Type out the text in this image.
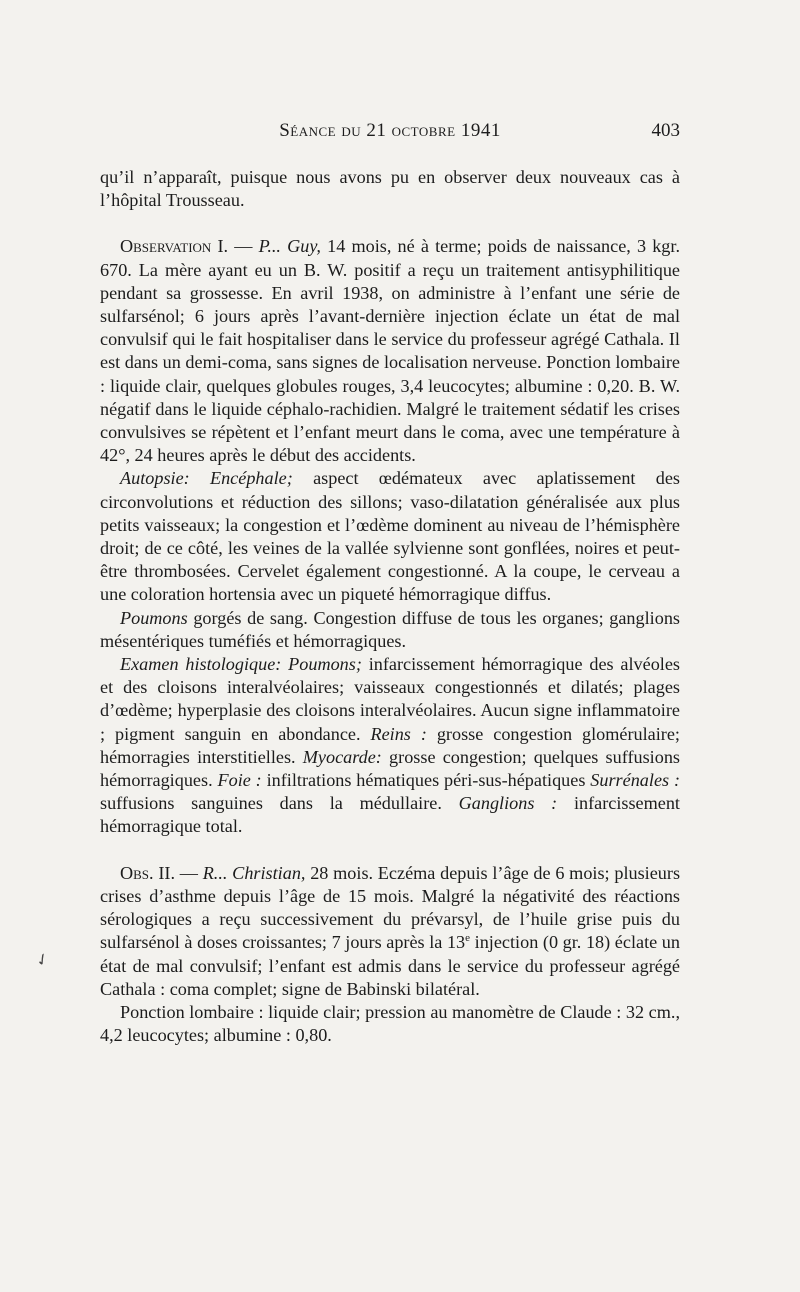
Séance du 21 octobre 1941	403

qu’il n’apparaît, puisque nous avons pu en observer deux nouveaux cas à l’hôpital Trousseau.

Observation I. — P... Guy, 14 mois, né à terme; poids de naissance, 3 kgr. 670. La mère ayant eu un B. W. positif a reçu un traitement antisyphilitique pendant sa grossesse. En avril 1938, on administre à l’enfant une série de sulfarsénol; 6 jours après l’avant-dernière injection éclate un état de mal convulsif qui le fait hospitaliser dans le service du professeur agrégé Cathala. Il est dans un demi-coma, sans signes de localisation nerveuse. Ponction lombaire : liquide clair, quelques globules rouges, 3,4 leucocytes; albumine : 0,20. B. W. négatif dans le liquide céphalo-rachidien. Malgré le traitement sédatif les crises convulsives se répètent et l’enfant meurt dans le coma, avec une température à 42°, 24 heures après le début des accidents.

Autopsie: Encéphale; aspect œdémateux avec aplatissement des circonvolutions et réduction des sillons; vaso-dilatation généralisée aux plus petits vaisseaux; la congestion et l’œdème dominent au niveau de l’hémisphère droit; de ce côté, les veines de la vallée sylvienne sont gonflées, noires et peut-être thrombosées. Cervelet également congestionné. A la coupe, le cerveau a une coloration hortensia avec un piqueté hémorragique diffus.

Poumons gorgés de sang. Congestion diffuse de tous les organes; ganglions mésentériques tuméfiés et hémorragiques.

Examen histologique: Poumons; infarcissement hémorragique des alvéoles et des cloisons interalvéolaires; vaisseaux congestionnés et dilatés; plages d’œdème; hyperplasie des cloisons interalvéolaires. Aucun signe inflammatoire ; pigment sanguin en abondance. Reins : grosse congestion glomérulaire; hémorragies interstitielles. Myocarde: grosse congestion; quelques suffusions hémorragiques. Foie : infiltrations hématiques péri-sus-hépatiques Surrénales : suffusions sanguines dans la médullaire. Ganglions : infarcissement hémorragique total.

Obs. II. — R... Christian, 28 mois. Eczéma depuis l’âge de 6 mois; plusieurs crises d’asthme depuis l’âge de 15 mois. Malgré la négativité des réactions sérologiques a reçu successivement du prévarsyl, de l’huile grise puis du sulfarsénol à doses croissantes; 7 jours après la 13e injection (0 gr. 18) éclate un état de mal convulsif; l’enfant est admis dans le service du professeur agrégé Cathala : coma complet; signe de Babinski bilatéral.

Ponction lombaire : liquide clair; pression au manomètre de Claude : 32 cm., 4,2 leucocytes; albumine : 0,80.

✓
